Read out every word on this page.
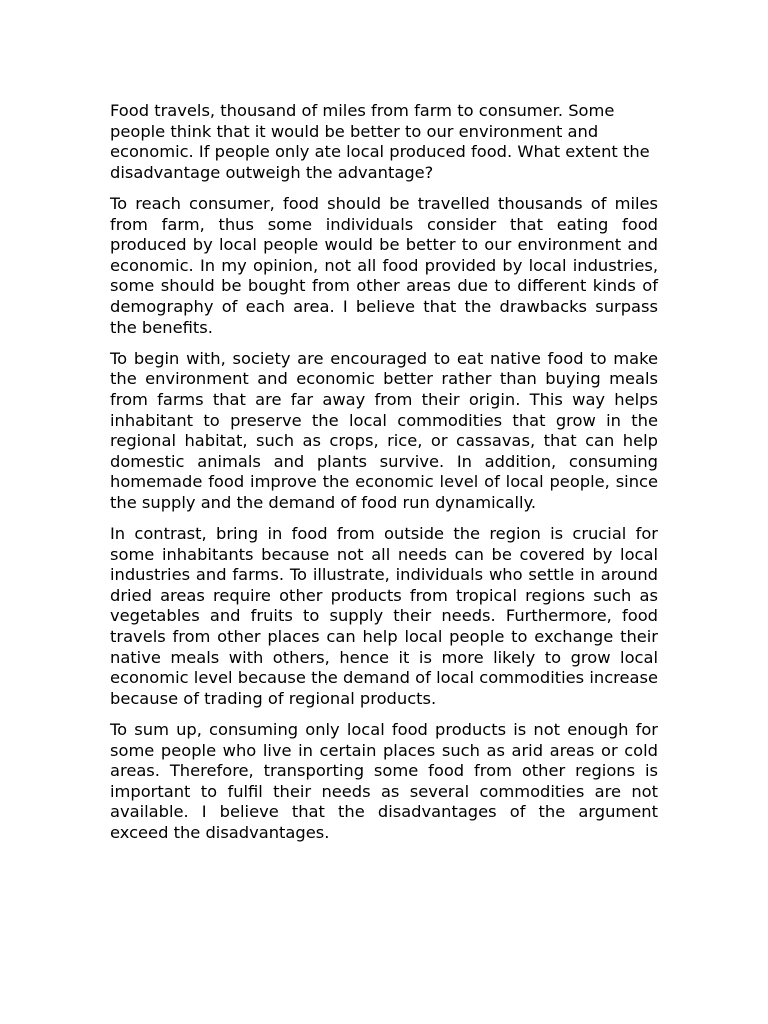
Food travels, thousand of miles from farm to consumer. Some people think that it would be better to our environment and economic. If people only ate local produced food. What extent the disadvantage outweigh the advantage?

To reach consumer, food should be travelled thousands of miles from farm, thus some individuals consider that eating food produced by local people would be better to our environment and economic. In my opinion, not all food provided by local industries, some should be bought from other areas due to different kinds of demography of each area. I believe that the drawbacks surpass the benefits.

To begin with, society are encouraged to eat native food to make the environment and economic better rather than buying meals from farms that are far away from their origin. This way helps inhabitant to preserve the local commodities that grow in the regional habitat, such as crops, rice, or cassavas, that can help domestic animals and plants survive. In addition, consuming homemade food improve the economic level of local people, since the supply and the demand of food run dynamically.

In contrast, bring in food from outside the region is crucial for some inhabitants because not all needs can be covered by local industries and farms. To illustrate, individuals who settle in around dried areas require other products from tropical regions such as vegetables and fruits to supply their needs. Furthermore, food travels from other places can help local people to exchange their native meals with others, hence it is more likely to grow local economic level because the demand of local commodities increase because of trading of regional products.

To sum up, consuming only local food products is not enough for some people who live in certain places such as arid areas or cold areas. Therefore, transporting some food from other regions is important to fulfil their needs as several commodities are not available. I believe that the disadvantages of the argument exceed the disadvantages.
